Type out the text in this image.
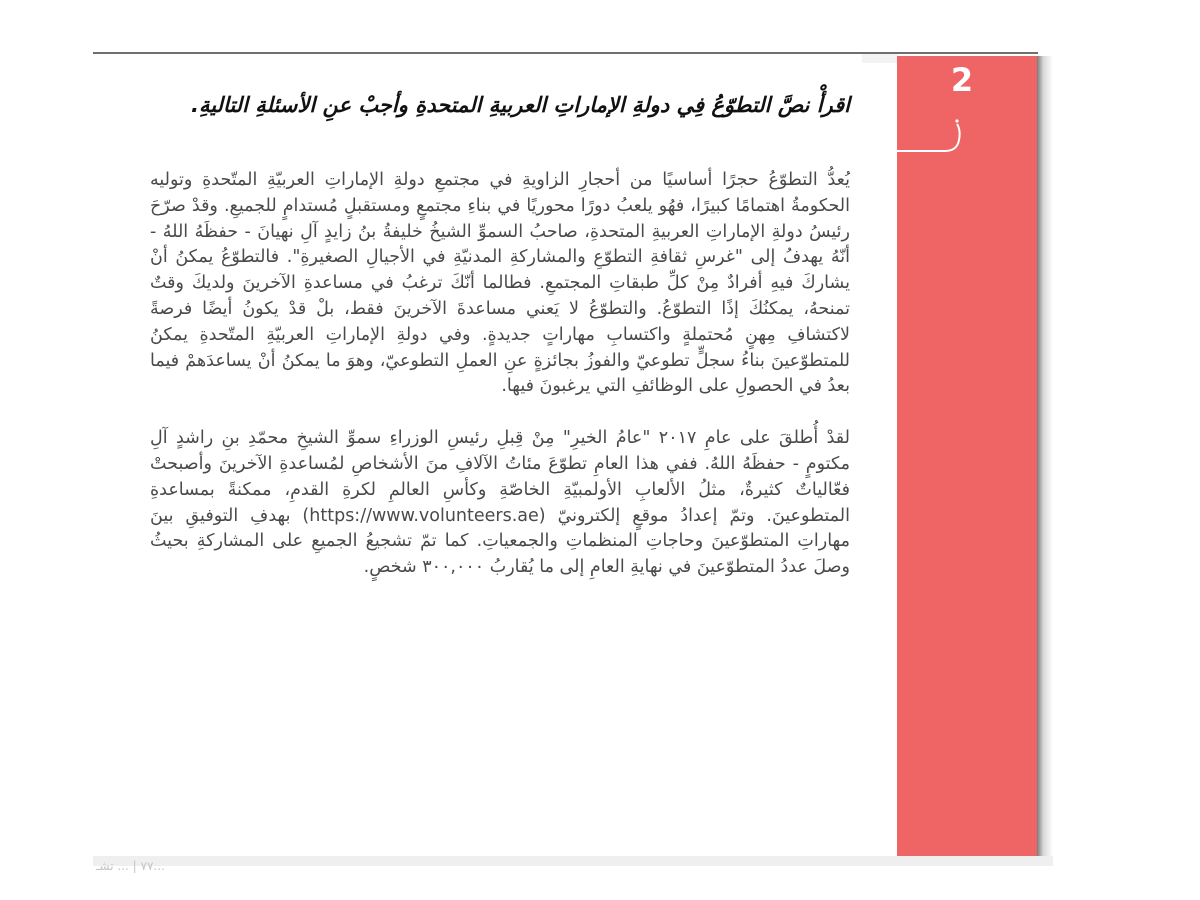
2
اقرأْ نصَّ التطوّعُ فِي دولةِ الإماراتِ العربيةِ المتحدةِ وأجبْ عنِ الأسئلةِ التاليةِ.

يُعدُّ التطوّعُ حجرًا أساسيًا من أحجارِ الزاويةِ في مجتمعِ دولةِ الإماراتِ العربيّةِ المتّحدةِ وتوليه الحكومةُ اهتمامًا كبيرًا، فهُو يلعبُ دورًا محوريًا في بناءِ مجتمعٍ ومستقبلٍ مُستدامٍ للجميعِ. وقدْ صرّحَ رئيسُ دولةِ الإماراتِ العربيةِ المتحدةِ، صاحبُ السموِّ الشيخُ خليفةُ بنُ زايدٍ آلِ نهيانَ - حفظَهُ اللهُ - أنّهُ يهدفُ إلى "غرسِ ثقافةِ التطوّعِ والمشاركةِ المدنيّةِ في الأجيالِ الصغيرةِ". فالتطوّعُ يمكنُ أنْ يشاركَ فيهِ أفرادٌ مِنْ كلِّ طبقاتِ المجتمعِ. فطالما أنّكَ ترغبُ في مساعدةِ الآخرينَ ولديكَ وقتٌ تمنحهُ، يمكنُكَ إذًا التطوّعُ. والتطوّعُ لا يَعني مساعدةَ الآخرينَ فقط، بلْ قدْ يكونُ أيضًا فرصةً لاكتشافِ مِهنٍ مُحتملةٍ واكتسابِ مهاراتٍ جديدةٍ. وفي دولةِ الإماراتِ العربيّةِ المتّحدةِ يمكنُ للمتطوّعينَ بناءُ سجلٍّ تطوعيّ والفوزُ بجائزةٍ عنِ العملِ التطوعيّ، وهوَ ما يمكنُ أنْ يساعدَهمْ فيما بعدُ في الحصولِ على الوظائفِ التي يرغبونَ فيها.

لقدْ أُطلقَ على عامِ ٢٠١٧ "عامُ الخيرِ" مِنْ قِبلِ رئيسِ الوزراءِ سموِّ الشيخِ محمّدِ بنِ راشدٍ آلِ مكتومٍ - حفظَهُ اللهُ. ففي هذا العامِ تطوّعَ مئاتُ الآلافِ منَ الأشخاصِ لمُساعدةِ الآخرينَ وأصبحتْ فعّالياتٌ كثيرةٌ، مثلُ الألعابِ الأولمبيّةِ الخاصّةِ وكأسِ العالمِ لكرةِ القدمِ، ممكنةً بمساعدةِ المتطوعينَ. وتمّ إعدادُ موقعٍ إلكترونيّ (https://www.volunteers.ae) بهدفِ التوفيقِ بينَ مهاراتِ المتطوّعينَ وحاجاتِ المنظماتِ والجمعياتِ. كما تمّ تشجيعُ الجميعِ على المشاركةِ بحيثُ وصلَ عددُ المتطوّعينَ في نهايةِ العامِ إلى ما يُقاربُ ٣٠٠,٠٠٠ شخصٍ.

٧٧ | ... تشـ...
